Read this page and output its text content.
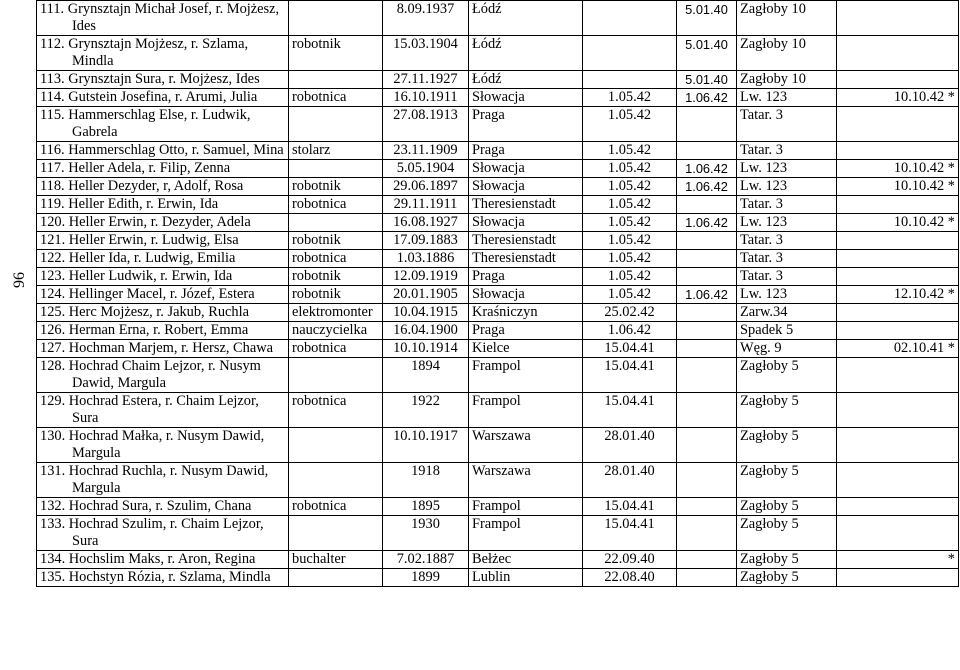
96
111. Grynsztajn Michał Josef, r. Mojżesz, Ides		8.09.1937	Łódź		5.01.40	Zagłoby 10	

112. Grynsztajn Mojżesz, r. Szlama, Mindla	robotnik	15.03.1904	Łódź		5.01.40	Zagłoby 10	

113. Grynsztajn Sura, r. Mojżesz, Ides		27.11.1927	Łódź		5.01.40	Zagłoby 10	

114. Gutstein Josefina, r. Arumi, Julia	robotnica	16.10.1911	Słowacja	1.05.42	1.06.42	Lw. 123	10.10.42 *

115. Hammerschlag Else, r. Ludwik, Gabrela		27.08.1913	Praga	1.05.42		Tatar. 3	

116. Hammerschlag Otto, r. Samuel, Mina	stolarz	23.11.1909	Praga	1.05.42		Tatar. 3	

117. Heller Adela, r. Filip, Zenna		5.05.1904	Słowacja	1.05.42	1.06.42	Lw. 123	10.10.42 *

118. Heller Dezyder, r, Adolf, Rosa	robotnik	29.06.1897	Słowacja	1.05.42	1.06.42	Lw. 123	10.10.42 *

119. Heller Edith, r. Erwin, Ida	robotnica	29.11.1911	Theresienstadt	1.05.42		Tatar. 3	

120. Heller Erwin, r. Dezyder, Adela		16.08.1927	Słowacja	1.05.42	1.06.42	Lw. 123	10.10.42 *

121. Heller Erwin, r. Ludwig, Elsa	robotnik	17.09.1883	Theresienstadt	1.05.42		Tatar. 3	

122. Heller Ida, r. Ludwig, Emilia	robotnica	1.03.1886	Theresienstadt	1.05.42		Tatar. 3	

123. Heller Ludwik, r. Erwin, Ida	robotnik	12.09.1919	Praga	1.05.42		Tatar. 3	

124. Hellinger Macel, r. Józef, Estera	robotnik	20.01.1905	Słowacja	1.05.42	1.06.42	Lw. 123	12.10.42 *

125. Herc Mojżesz, r. Jakub, Ruchla	elektromonter	10.04.1915	Kraśniczyn	25.02.42		Zarw.34	

126. Herman Erna, r. Robert, Emma	nauczycielka	16.04.1900	Praga	1.06.42		Spadek 5	

127. Hochman Marjem, r. Hersz, Chawa	robotnica	10.10.1914	Kielce	15.04.41		Węg. 9	02.10.41 *

128. Hochrad Chaim Lejzor, r. Nusym Dawid, Margula		1894	Frampol	15.04.41		Zagłoby 5	

129. Hochrad Estera, r. Chaim Lejzor, Sura	robotnica	1922	Frampol	15.04.41		Zagłoby 5	

130. Hochrad Małka, r. Nusym Dawid, Margula		10.10.1917	Warszawa	28.01.40		Zagłoby 5	

131. Hochrad Ruchla, r. Nusym Dawid, Margula		1918	Warszawa	28.01.40		Zagłoby 5	

132. Hochrad Sura, r. Szulim, Chana	robotnica	1895	Frampol	15.04.41		Zagłoby 5	

133. Hochrad Szulim, r. Chaim Lejzor, Sura		1930	Frampol	15.04.41		Zagłoby 5	

134. Hochslim Maks, r. Aron, Regina	buchalter	7.02.1887	Bełżec	22.09.40		Zagłoby 5	*

135. Hochstyn Rózia, r. Szlama, Mindla		1899	Lublin	22.08.40		Zagłoby 5	
